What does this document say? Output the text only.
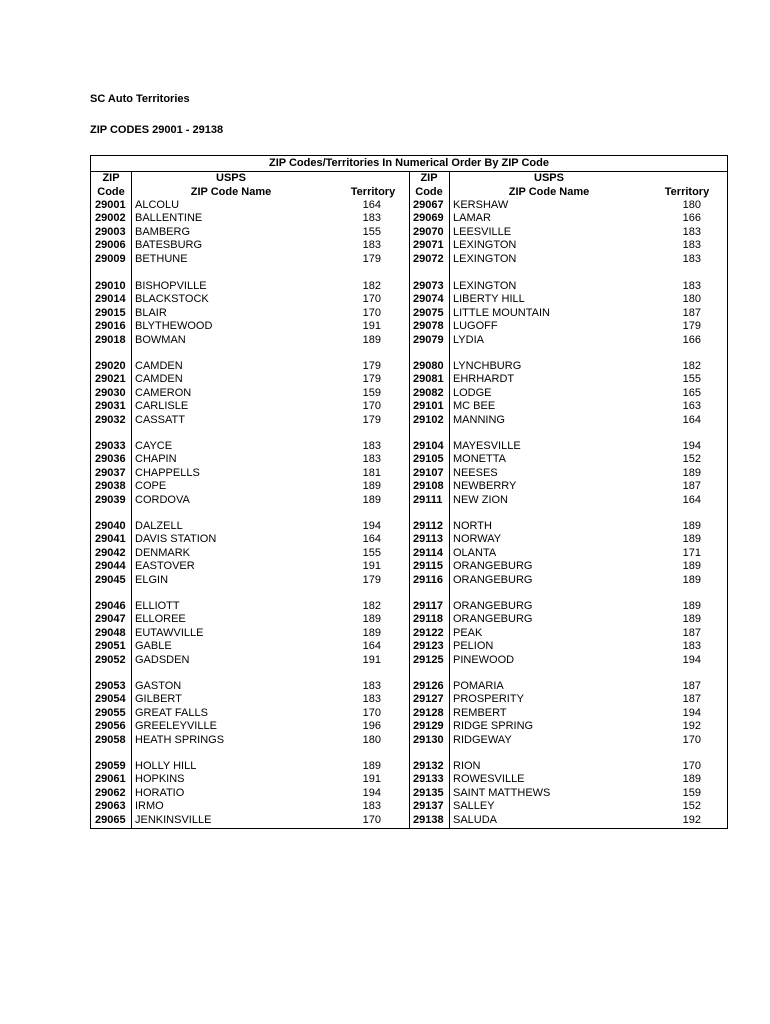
SC Auto Territories
ZIP CODES 29001 - 29138
ZIP Codes/Territories In Numerical Order By ZIP Code
ZIP
Code
USPS
ZIP Code Name	Territory
ZIP
Code
USPS
ZIP Code Name	Territory
29001 ALCOLU	164	29067 KERSHAW	180
29002 BALLENTINE	183	29069 LAMAR	166
29003 BAMBERG	155	29070 LEESVILLE	183
29006 BATESBURG	183	29071 LEXINGTON	183
29009 BETHUNE	179	29072 LEXINGTON	183
29010 BISHOPVILLE	182	29073 LEXINGTON	183
29014 BLACKSTOCK	170	29074 LIBERTY HILL	180
29015 BLAIR	170	29075 LITTLE MOUNTAIN	187
29016 BLYTHEWOOD	191	29078 LUGOFF	179
29018 BOWMAN	189	29079 LYDIA	166
29020 CAMDEN	179	29080 LYNCHBURG	182
29021 CAMDEN	179	29081 EHRHARDT	155
29030 CAMERON	159	29082 LODGE	165
29031 CARLISLE	170	29101 MC BEE	163
29032 CASSATT	179	29102 MANNING	164
29033 CAYCE	183	29104 MAYESVILLE	194
29036 CHAPIN	183	29105 MONETTA	152
29037 CHAPPELLS	181	29107 NEESES	189
29038 COPE	189	29108 NEWBERRY	187
29039 CORDOVA	189	29111 NEW ZION	164
29040 DALZELL	194	29112 NORTH	189
29041 DAVIS STATION	164	29113 NORWAY	189
29042 DENMARK	155	29114 OLANTA	171
29044 EASTOVER	191	29115 ORANGEBURG	189
29045 ELGIN	179	29116 ORANGEBURG	189
29046 ELLIOTT	182	29117 ORANGEBURG	189
29047 ELLOREE	189	29118 ORANGEBURG	189
29048 EUTAWVILLE	189	29122 PEAK	187
29051 GABLE	164	29123 PELION	183
29052 GADSDEN	191	29125 PINEWOOD	194
29053 GASTON	183	29126 POMARIA	187
29054 GILBERT	183	29127 PROSPERITY	187
29055 GREAT FALLS	170	29128 REMBERT	194
29056 GREELEYVILLE	196	29129 RIDGE SPRING	192
29058 HEATH SPRINGS	180	29130 RIDGEWAY	170
29059 HOLLY HILL	189	29132 RION	170
29061 HOPKINS	191	29133 ROWESVILLE	189
29062 HORATIO	194	29135 SAINT MATTHEWS	159
29063 IRMO	183	29137 SALLEY	152
29065 JENKINSVILLE	170	29138 SALUDA	192
